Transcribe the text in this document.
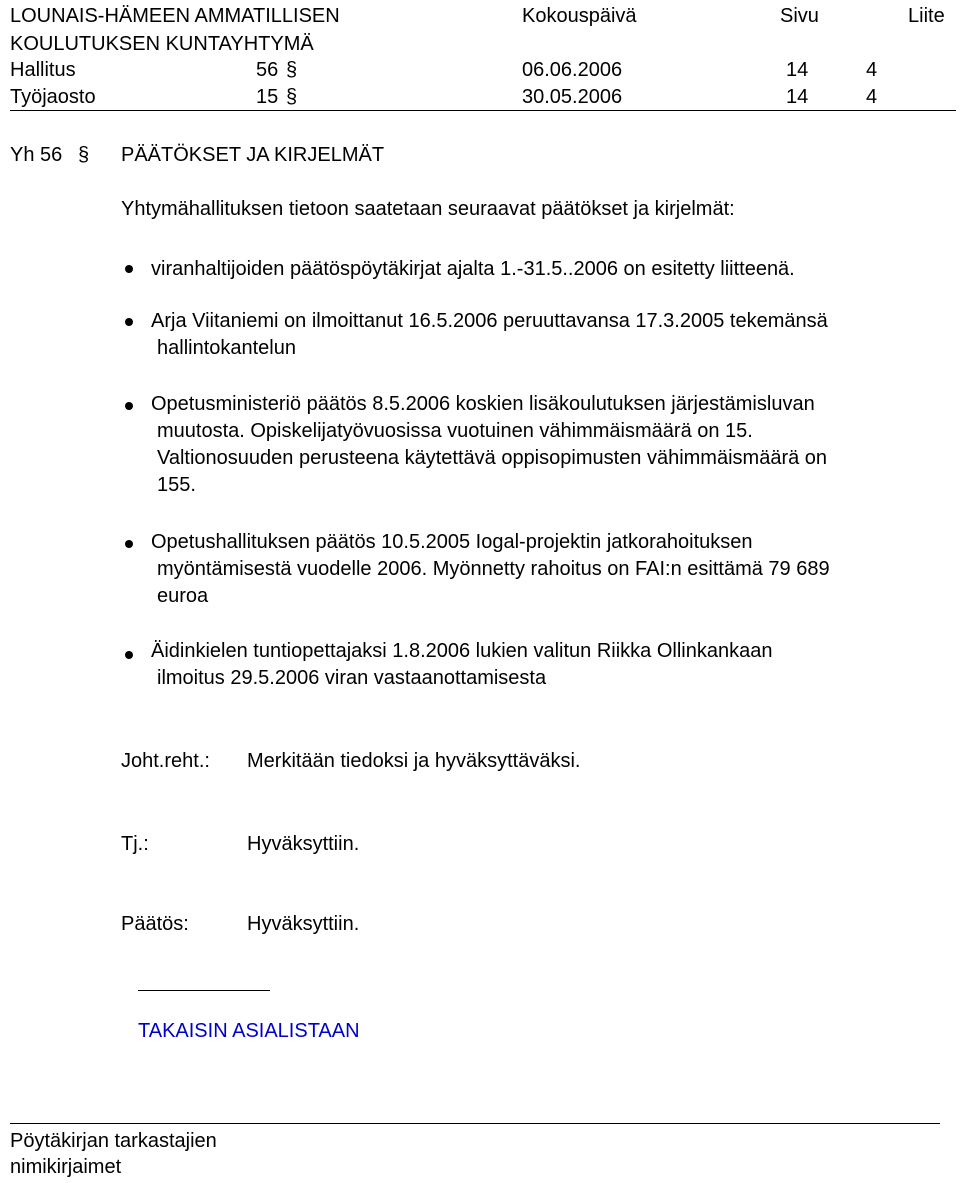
LOUNAIS-HÄMEEN AMMATILLISEN
KOULUTUKSEN KUNTAYHTYMÄ
Kokouspäivä	Sivu	Liite
Hallitus	56 §	06.06.2006	14	4
Työjaosto	15 §	30.05.2006	14	4
Yh 56 § PÄÄTÖKSET JA KIRJELMÄT
Yhtymähallituksen tietoon saatetaan seuraavat päätökset ja kirjelmät:
viranhaltijoiden päätöspöytäkirjat ajalta 1.-31.5..2006 on esitetty liitteenä.
Arja Viitaniemi on ilmoittanut 16.5.2006 peruuttavansa 17.3.2005 tekemänsä
hallintokantelun
Opetusministeriö päätös 8.5.2006 koskien lisäkoulutuksen järjestämisluvan
muutosta. Opiskelijatyövuosissa vuotuinen vähimmäismäärä on 15.
Valtionosuuden perusteena käytettävä oppisopimusten vähimmäismäärä on
155.
Opetushallituksen päätös 10.5.2005 Iogal-projektin jatkorahoituksen
myöntämisestä vuodelle 2006. Myönnetty rahoitus on FAI:n esittämä 79 689
euroa
Äidinkielen tuntiopettajaksi 1.8.2006 lukien valitun Riikka Ollinkankaan
ilmoitus 29.5.2006 viran vastaanottamisesta
Joht.reht.: Merkitään tiedoksi ja hyväksyttäväksi.
Tj.:	Hyväksyttiin.
Päätös:	Hyväksyttiin.
TAKAISIN ASIALISTAAN
Pöytäkirjan tarkastajien
nimikirjaimet
